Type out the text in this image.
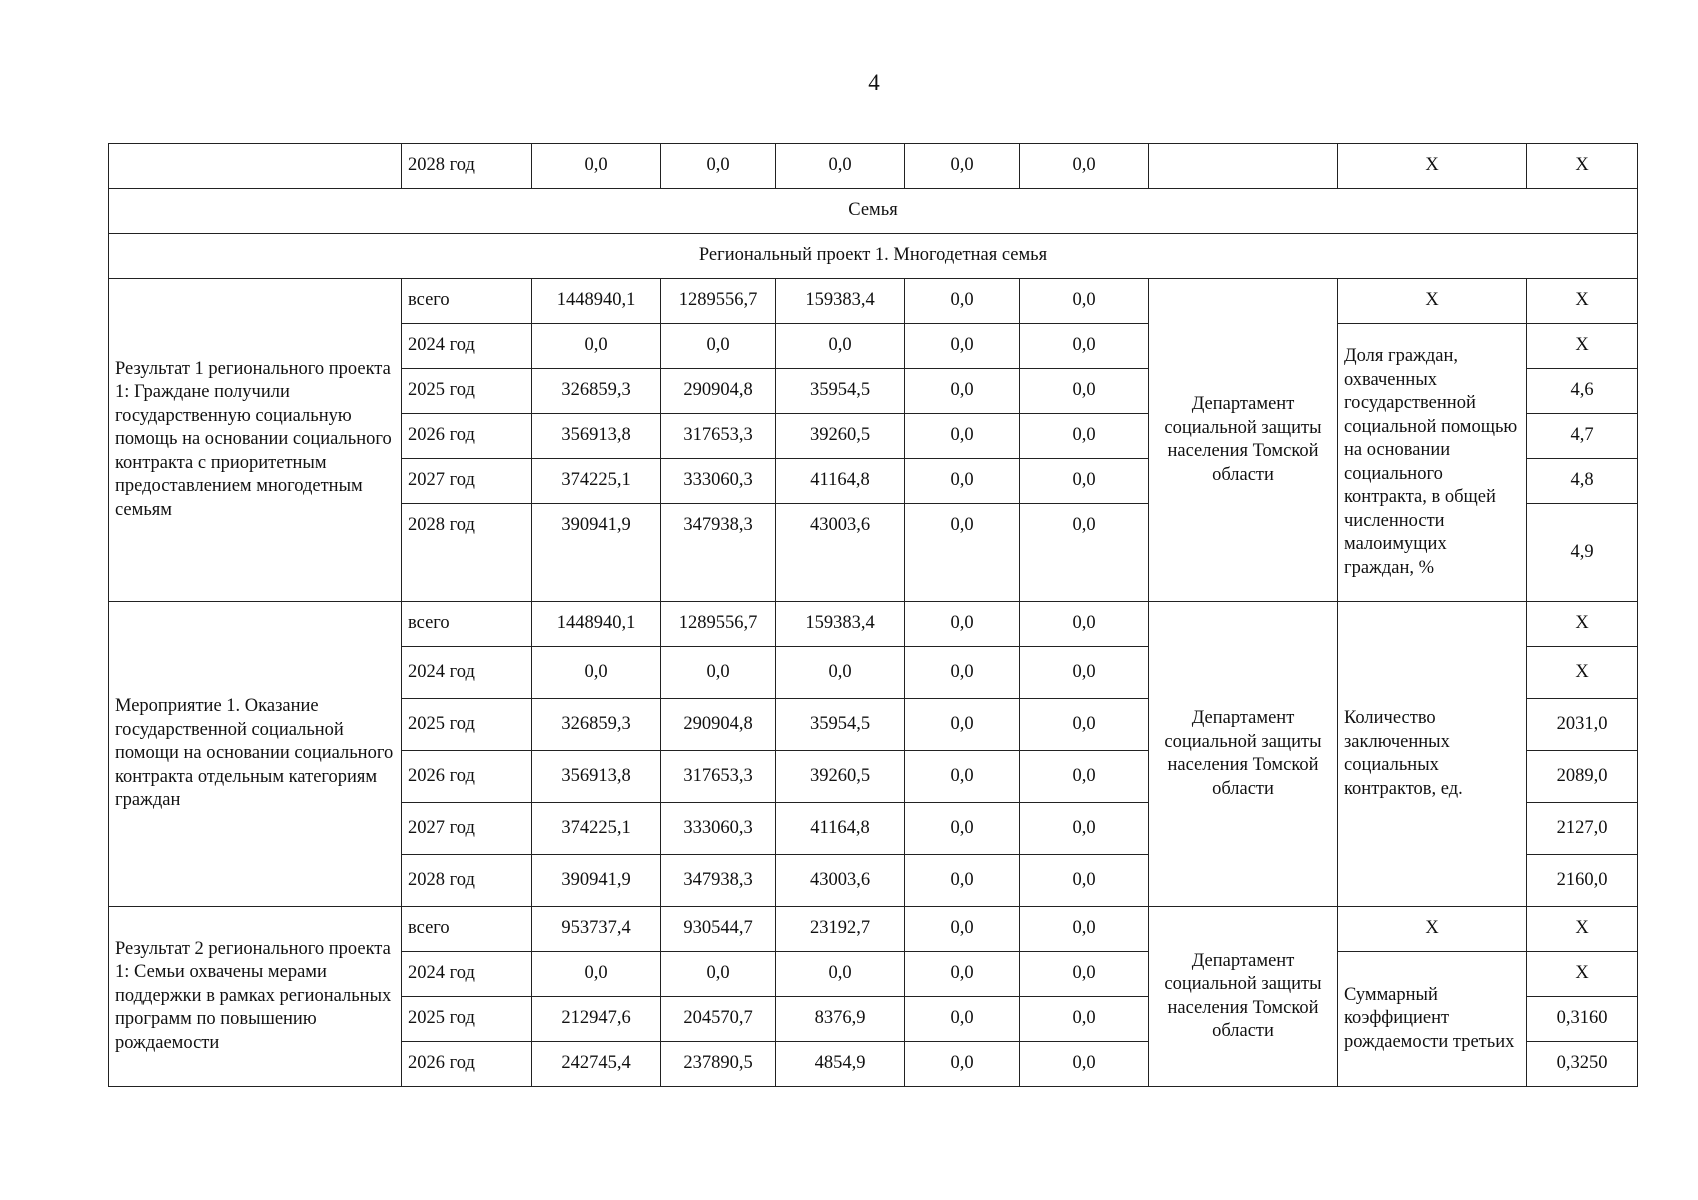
4
	2028 год	0,0	0,0	0,0	0,0	0,0		Х	Х
Семья									
Региональный проект 1. Многодетная семья									
Результат 1 регионального проекта 1: Граждане получили государственную социальную помощь на основании социального контракта с приоритетным предоставлением многодетным семьям	всего	1448940,1	1289556,7	159383,4	0,0	0,0	Департамент социальной защиты населения Томской области	Х	Х
	2024 год	0,0	0,0	0,0	0,0	0,0		Доля граждан, охваченных государственной социальной помощью на основании социального контракта, в общей численности малоимущих граждан, %	Х
	2025 год	326859,3	290904,8	35954,5	0,0	0,0			4,6
	2026 год	356913,8	317653,3	39260,5	0,0	0,0			4,7
	2027 год	374225,1	333060,3	41164,8	0,0	0,0			4,8
	2028 год	390941,9	347938,3	43003,6	0,0	0,0			4,9
Мероприятие 1. Оказание государственной социальной помощи на основании социального контракта отдельным категориям граждан	всего	1448940,1	1289556,7	159383,4	0,0	0,0	Департамент социальной защиты населения Томской области	Количество заключенных социальных контрактов, ед.	Х
	2024 год	0,0	0,0	0,0	0,0	0,0			Х
	2025 год	326859,3	290904,8	35954,5	0,0	0,0			2031,0
	2026 год	356913,8	317653,3	39260,5	0,0	0,0			2089,0
	2027 год	374225,1	333060,3	41164,8	0,0	0,0			2127,0
	2028 год	390941,9	347938,3	43003,6	0,0	0,0			2160,0
Результат 2 регионального проекта 1: Семьи охвачены мерами поддержки в рамках региональных программ по повышению рождаемости	всего	953737,4	930544,7	23192,7	0,0	0,0	Департамент социальной защиты населения Томской области	Х	Х
	2024 год	0,0	0,0	0,0	0,0	0,0		Суммарный коэффициент рождаемости третьих	Х
	2025 год	212947,6	204570,7	8376,9	0,0	0,0			0,3160
	2026 год	242745,4	237890,5	4854,9	0,0	0,0			0,3250
